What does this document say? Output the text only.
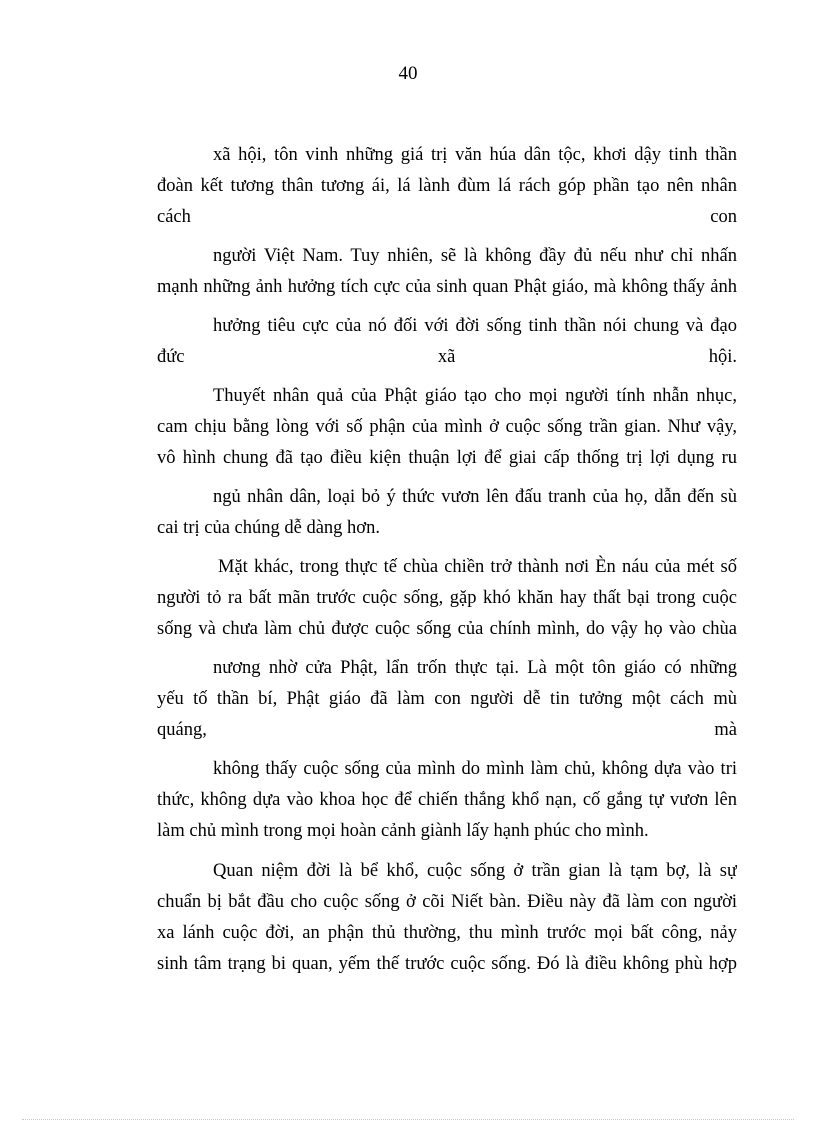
40
xã hội, tôn vinh những giá trị văn húa dân tộc, khơi dậy tinh thần
đoàn kết tương thân tương ái, lá lành đùm lá rách góp phần tạo nên nhân
cách con
người Việt Nam. Tuy nhiên, sẽ là không đầy đủ nếu như chỉ nhấn
mạnh những ảnh hưởng tích cực của sinh quan Phật giáo, mà không thấy ảnh
hưởng tiêu cực của nó đối với đời sống tinh thần nói chung và đạo
đức xã hội.
Thuyết nhân quả của Phật giáo tạo cho mọi người tính nhẫn nhục,
cam chịu bằng lòng với số phận của mình ở cuộc sống trần gian. Như vậy,
vô hình chung đã tạo điều kiện thuận lợi để giai cấp thống trị lợi dụng ru
ngủ nhân dân, loại bỏ ý thức vươn lên đấu tranh của họ, dẫn đến sù
cai trị của chúng dễ dàng hơn.
Mặt khác, trong thực tế chùa chiền trở thành nơi Èn náu của mét số
người tỏ ra bất mãn trước cuộc sống, gặp khó khăn hay thất bại trong cuộc
sống và chưa làm chủ được cuộc sống của chính mình, do vậy họ vào chùa
nương nhờ cửa Phật, lẩn trốn thực tại. Là một tôn giáo có những
yếu tố thần bí, Phật giáo đã làm con người dễ tin tưởng một cách mù
quáng, mà
không thấy cuộc sống của mình do mình làm chủ, không dựa vào tri
thức, không dựa vào khoa học để chiến thắng khổ nạn, cố gắng tự vươn lên
làm chủ mình trong mọi hoàn cảnh giành lấy hạnh phúc cho mình.
Quan niệm đời là bể khổ, cuộc sống ở trần gian là tạm bợ, là sự
chuẩn bị bắt đầu cho cuộc sống ở cõi Niết bàn. Điều này đã làm con người
xa lánh cuộc đời, an phận thủ thường, thu mình trước mọi bất công, nảy
sinh tâm trạng bi quan, yếm thế trước cuộc sống. Đó là điều không phù hợp
